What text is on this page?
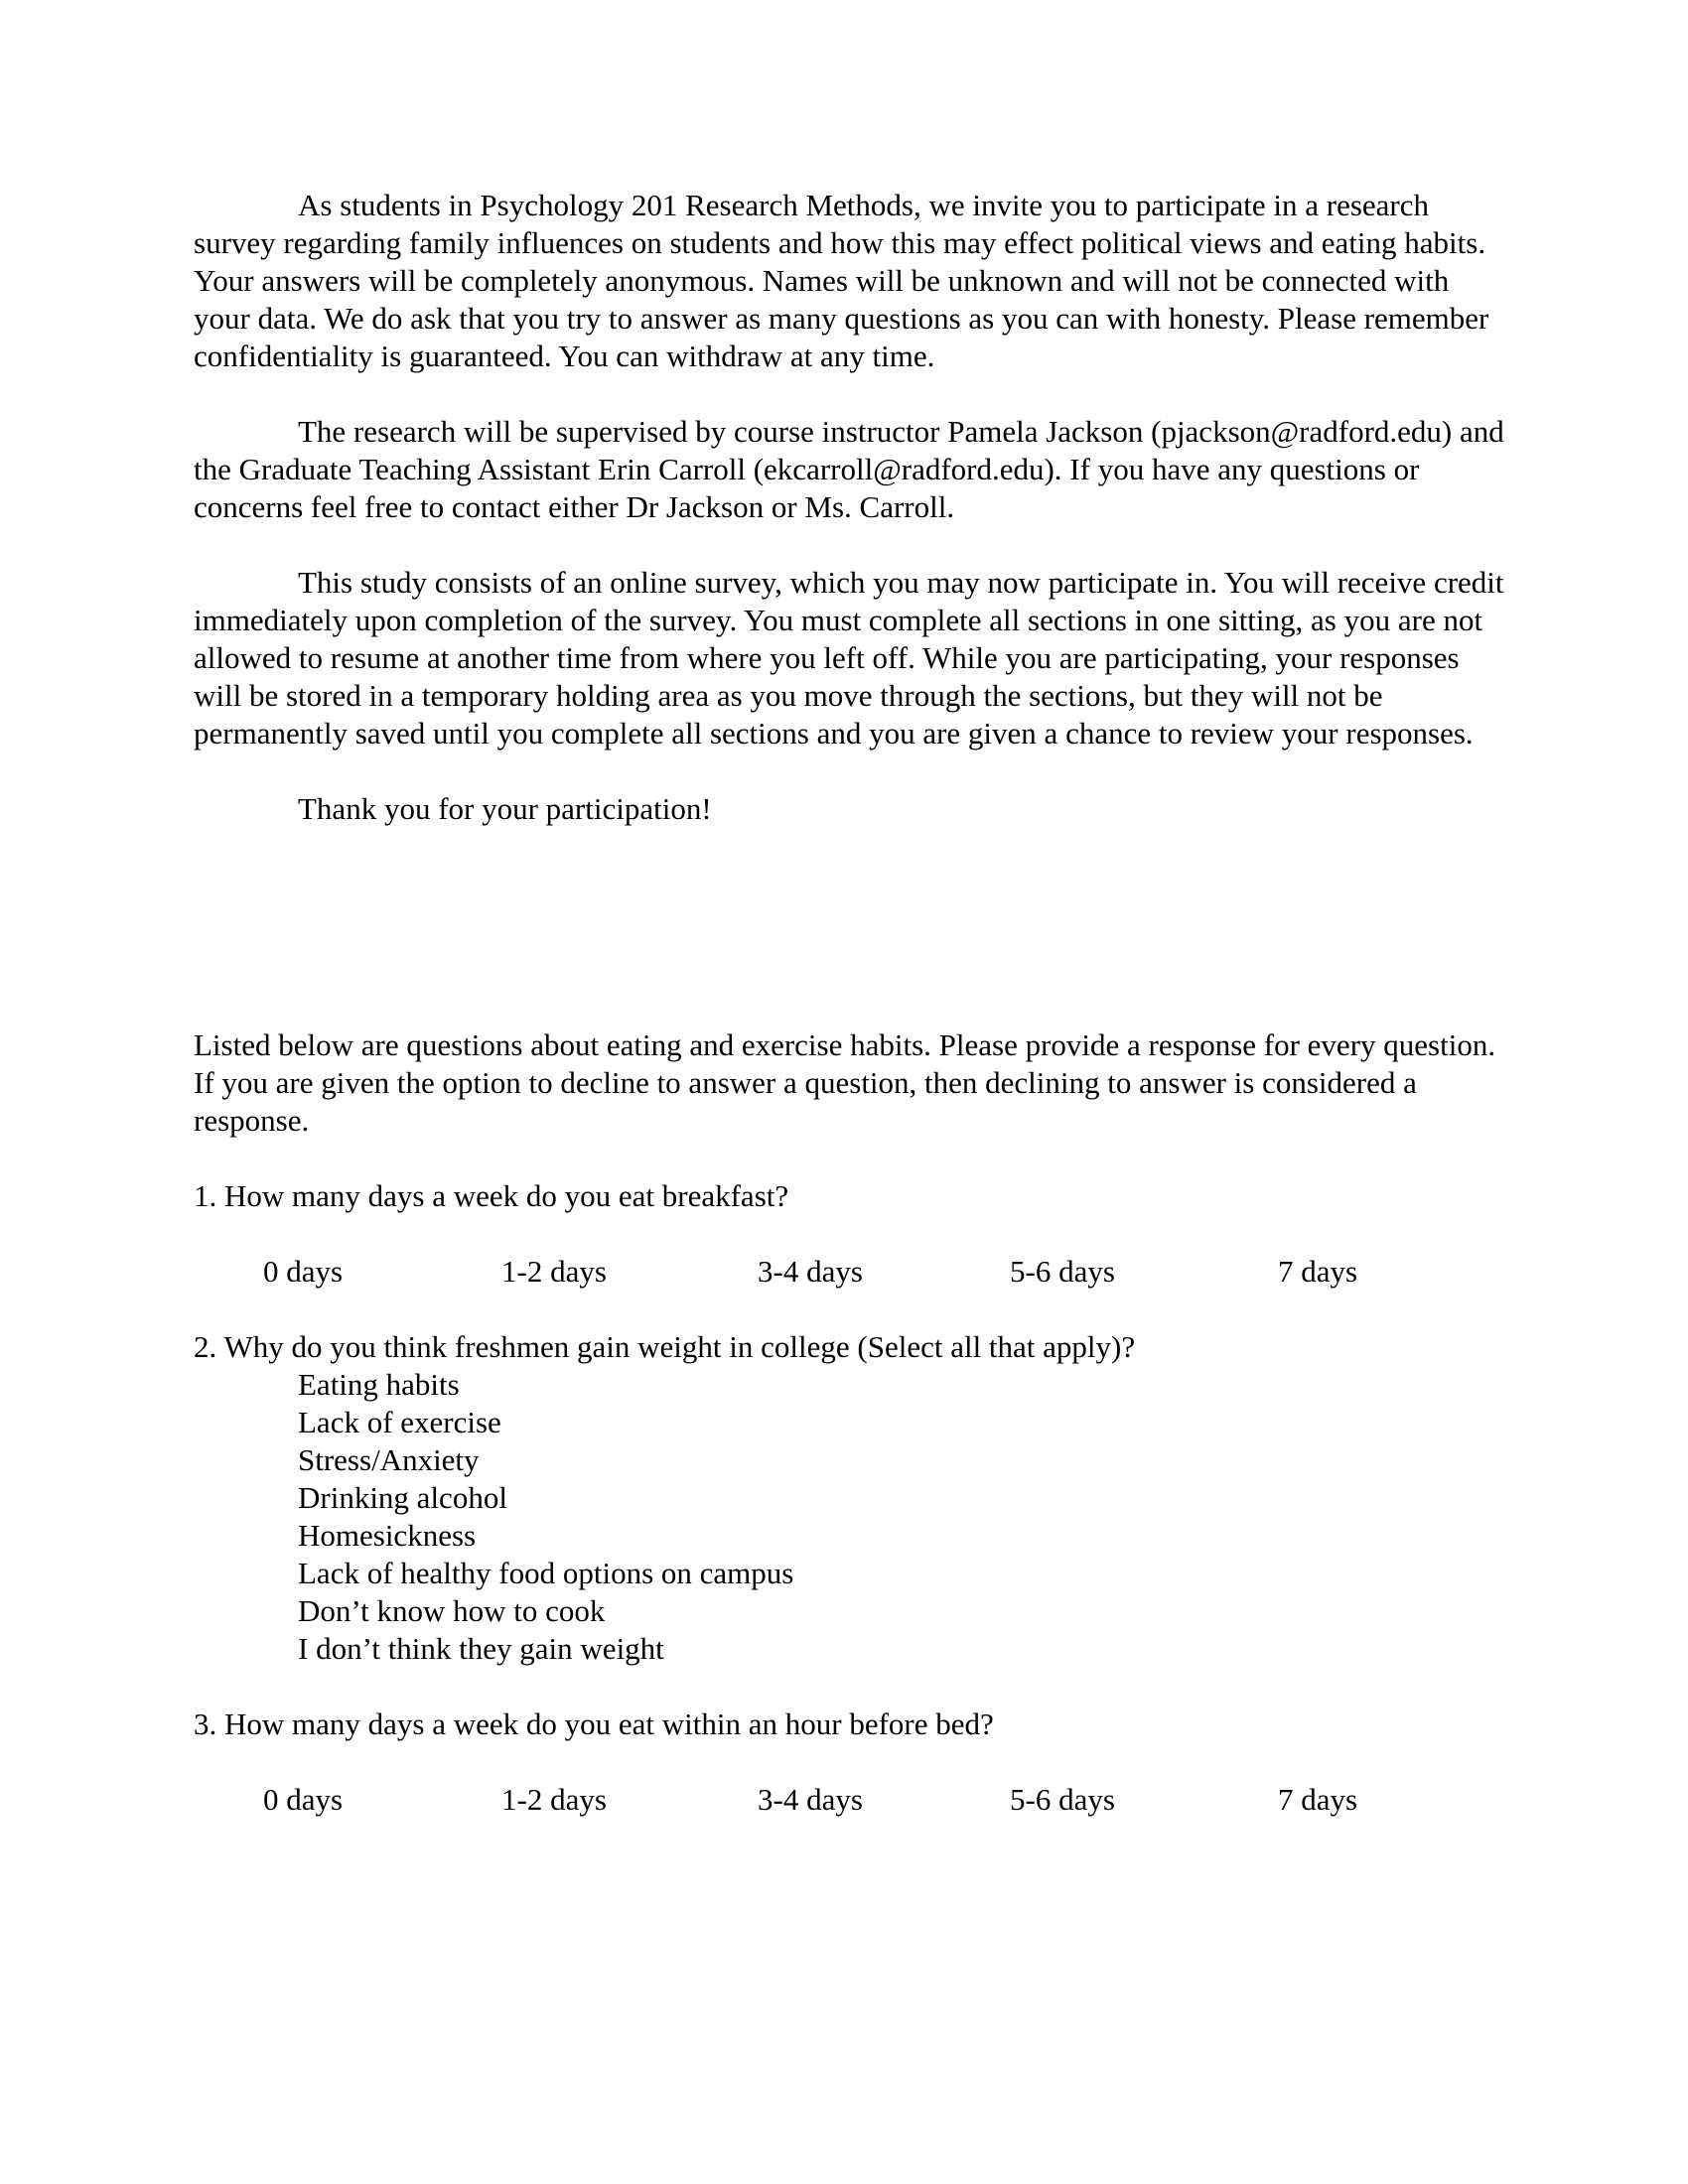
As students in Psychology 201 Research Methods, we invite you to participate in a research survey regarding family influences on students and how this may effect political views and eating habits. Your answers will be completely anonymous. Names will be unknown and will not be connected with your data. We do ask that you try to answer as many questions as you can with honesty. Please remember confidentiality is guaranteed. You can withdraw at any time.

The research will be supervised by course instructor Pamela Jackson (pjackson@radford.edu) and the Graduate Teaching Assistant Erin Carroll (ekcarroll@radford.edu). If you have any questions or concerns feel free to contact either Dr Jackson or Ms. Carroll.

This study consists of an online survey, which you may now participate in. You will receive credit immediately upon completion of the survey. You must complete all sections in one sitting, as you are not allowed to resume at another time from where you left off. While you are participating, your responses will be stored in a temporary holding area as you move through the sections, but they will not be permanently saved until you complete all sections and you are given a chance to review your responses.

Thank you for your participation!

Listed below are questions about eating and exercise habits. Please provide a response for every question. If you are given the option to decline to answer a question, then declining to answer is considered a response.

1. How many days a week do you eat breakfast?

0 days	1-2 days	3-4 days	5-6 days	7 days

2. Why do you think freshmen gain weight in college (Select all that apply)?

Eating habits
Lack of exercise
Stress/Anxiety
Drinking alcohol
Homesickness
Lack of healthy food options on campus
Don’t know how to cook
I don’t think they gain weight

3. How many days a week do you eat within an hour before bed?

0 days	1-2 days	3-4 days	5-6 days	7 days
